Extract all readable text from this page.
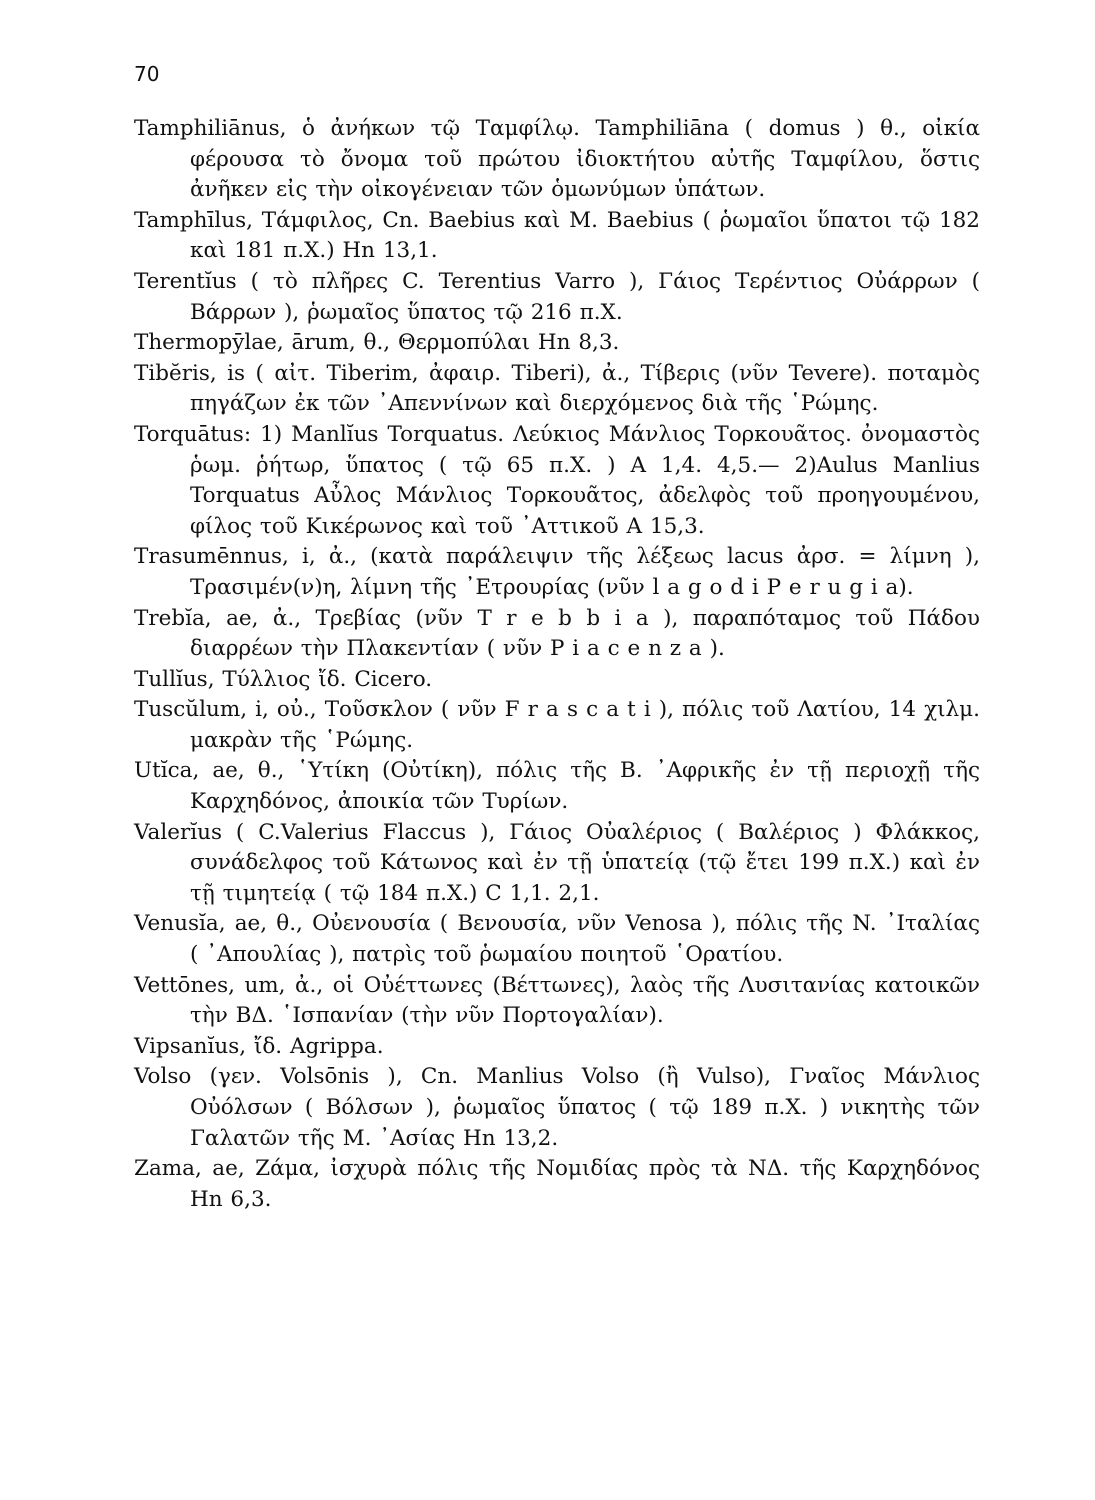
70

Tamphiliānus, ὁ ἀνήκων τῷ Ταμφίλῳ. Tamphiliāna ( domus ) θ., οἰκία φέρουσα τὸ ὄνομα τοῦ πρώτου ἰδιοκτήτου αὐτῆς Ταμφίλου, ὅστις ἀνῆκεν εἰς τὴν οἰκογένειαν τῶν ὁμωνύμων ὑπάτων.

Tamphīlus, Τάμφιλος, Cn. Baebius καὶ M. Baebius ( ῥωμαῖοι ὕπατοι τῷ 182 καὶ 181 π.Χ.) Hn 13,1.

Terentĭus ( τὸ πλῆρες C. Terentius Varro ), Γάιος Τερέντιος Οὐάρρων ( Βάρρων ), ῥωμαῖος ὕπατος τῷ 216 π.Χ.

Thermopȳlae, ārum, θ., Θερμοπύλαι Hn 8,3.

Tibĕris, is ( αἰτ. Tiberim, ἀφαιρ. Tiberi), ἀ., Τίβερις (νῦν Tevere). ποταμὸς πηγάζων ἐκ τῶν ᾿Απεννίνων καὶ διερχόμενος διὰ τῆς ῾Ρώμης.

Torquātus: 1) Manlĭus Torquatus. Λεύκιος Μάνλιος Τορκουᾶτος. ὀνομαστὸς ῥωμ. ῥήτωρ, ὕπατος ( τῷ 65 π.Χ. ) A 1,4. 4,5.— 2)Aulus Manlius Torquatus Αὖλος Μάνλιος Τορκουᾶτος, ἀδελφὸς τοῦ προηγουμένου, φίλος τοῦ Κικέρωνος καὶ τοῦ ᾿Αττικοῦ A 15,3.

Trasumēnnus, i, ἀ., (κατὰ παράλειψιν τῆς λέξεως lacus ἀρσ. = λίμνη ), Τρασιμέν(ν)η, λίμνη τῆς ᾿Ετρουρίας (νῦν l a g o d i P e r u g i a).

Trebĭa, ae, ἀ., Τρεβίας (νῦν T r e b b i a ), παραπόταμος τοῦ Πάδου διαρρέων τὴν Πλακεντίαν ( νῦν P i a c e n z a ).

Tullĭus, Τύλλιος ἴδ. Cicero.

Tuscŭlum, i, οὐ., Τοῦσκλον ( νῦν F r a s c a t i ), πόλις τοῦ Λατίου, 14 χιλμ. μακρὰν τῆς ῾Ρώμης.

Utĭca, ae, θ., ῾Υτίκη (Οὐτίκη), πόλις τῆς B. ᾿Αφρικῆς ἐν τῇ περιοχῇ τῆς Καρχηδόνος, ἀποικία τῶν Τυρίων.

Valerĭus ( C.Valerius Flaccus ), Γάιος Οὐαλέριος ( Βαλέριος ) Φλάκκος, συνάδελφος τοῦ Κάτωνος καὶ ἐν τῇ ὑπατείᾳ (τῷ ἔτει 199 π.Χ.) καὶ ἐν τῇ τιμητείᾳ ( τῷ 184 π.Χ.) C 1,1. 2,1.

Venusĭa, ae, θ., Οὐενουσία ( Βενουσία, νῦν Venosa ), πόλις τῆς N. ᾿Ιταλίας ( ᾿Απουλίας ), πατρὶς τοῦ ῥωμαίου ποιητοῦ ῾Ορατίου.

Vettōnes, um, ἀ., οἱ Οὐέττωνες (Βέττωνες), λαὸς τῆς Λυσιτανίας κατοικῶν τὴν ΒΔ. ῾Ισπανίαν (τὴν νῦν Πορτογαλίαν).

Vipsanĭus, ἴδ. Agrippa.

Volso (γεν. Volsōnis ), Cn. Manlius Volso (ἢ Vulso), Γναῖος Μάνλιος Οὐόλσων ( Βόλσων ), ῥωμαῖος ὕπατος ( τῷ 189 π.Χ. ) νικητὴς τῶν Γαλατῶν τῆς M. ᾿Ασίας Hn 13,2.

Zama, ae, Ζάμα, ἰσχυρὰ πόλις τῆς Νομιδίας πρὸς τὰ ΝΔ. τῆς Καρχηδόνος Hn 6,3.
